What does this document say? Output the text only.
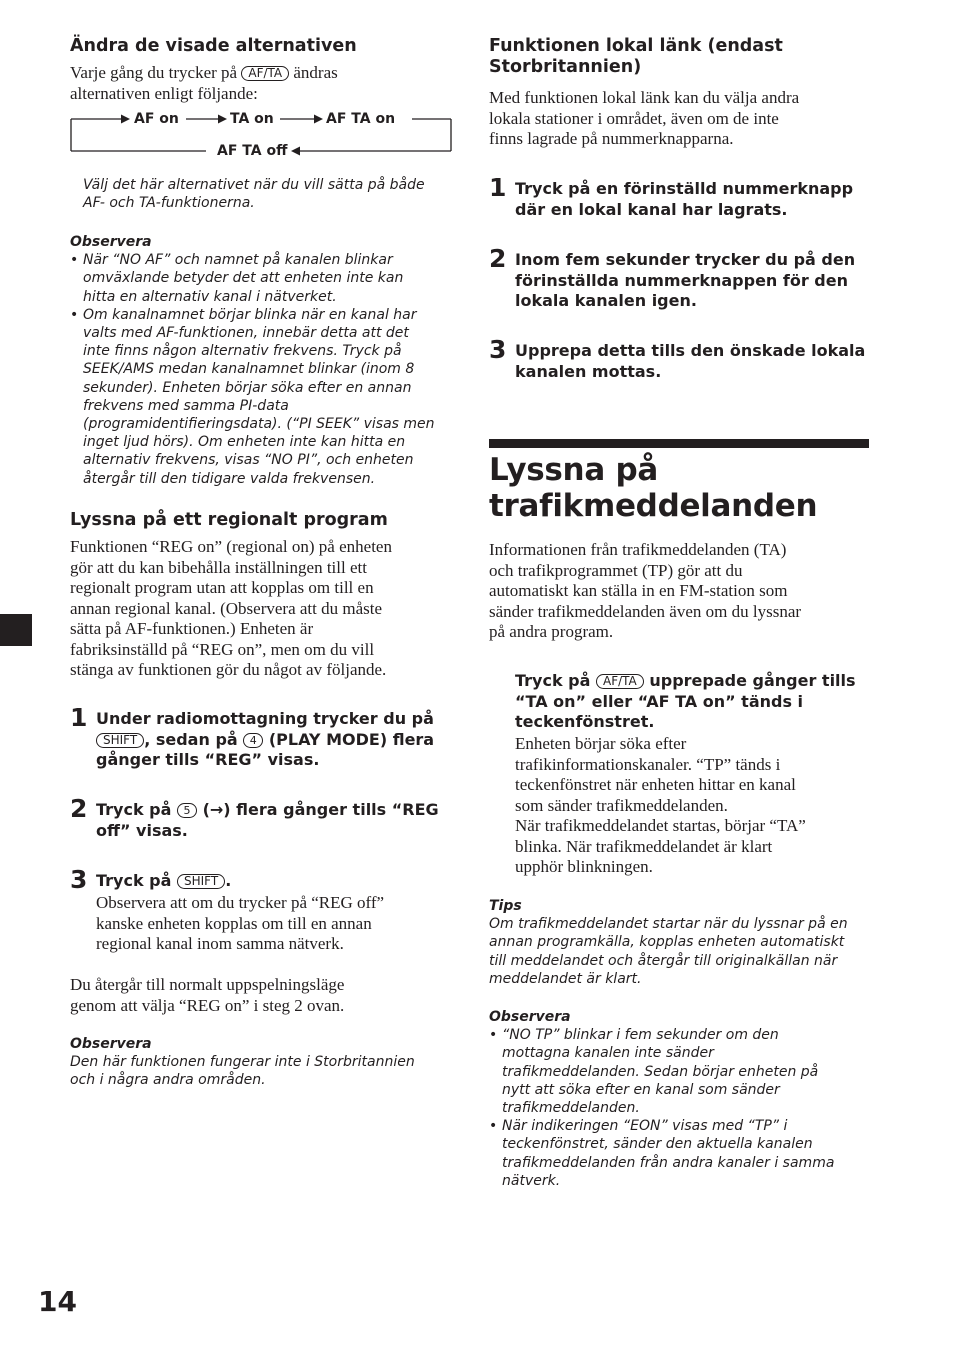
Ändra de visade alternativen
Varje gång du trycker på AF/TA ändras
alternativen enligt följande:
AF on	TA on	AF TA on
AF TA off
Välj det här alternativet när du vill sätta på både
AF- och TA-funktionerna.
Observera
• När “NO AF” och namnet på kanalen blinkar
omväxlande betyder det att enheten inte kan
hitta en alternativ kanal i nätverket.
• Om kanalnamnet börjar blinka när en kanal har
valts med AF-funktionen, innebär detta att det
inte finns någon alternativ frekvens. Tryck på
SEEK/AMS medan kanalnamnet blinkar (inom 8
sekunder). Enheten börjar söka efter en annan
frekvens med samma PI-data
(programidentifieringsdata). (“PI SEEK” visas men
inget ljud hörs). Om enheten inte kan hitta en
alternativ frekvens, visas “NO PI”, och enheten
återgår till den tidigare valda frekvensen.
Lyssna på ett regionalt program
Funktionen “REG on” (regional on) på enheten
gör att du kan bibehålla inställningen till ett
regionalt program utan att kopplas om till en
annan regional kanal. (Observera att du måste
sätta på AF-funktionen.) Enheten är
fabriksinställd på “REG on”, men om du vill
stänga av funktionen gör du något av följande.
1 Under radiomottagning trycker du på
SHIFT , sedan på 4 (PLAY MODE) flera
gånger tills “REG” visas.
2 Tryck på 5 (→) flera gånger tills “REG
off” visas.
3 Tryck på SHIFT .
Observera att om du trycker på “REG off”
kanske enheten kopplas om till en annan
regional kanal inom samma nätverk.
Du återgår till normalt uppspelningsläge
genom att välja “REG on” i steg 2 ovan.
Observera
Den här funktionen fungerar inte i Storbritannien
och i några andra områden.
Funktionen lokal länk (endast
Storbritannien)
Med funktionen lokal länk kan du välja andra
lokala stationer i området, även om de inte
finns lagrade på nummerknapparna.
1 Tryck på en förinställd nummerknapp
där en lokal kanal har lagrats.
2 Inom fem sekunder trycker du på den
förinställda nummerknappen för den
lokala kanalen igen.
3 Upprepa detta tills den önskade lokala
kanalen mottas.
Lyssna på
trafikmeddelanden
Informationen från trafikmeddelanden (TA)
och trafikprogrammet (TP) gör att du
automatiskt kan ställa in en FM-station som
sänder trafikmeddelanden även om du lyssnar
på andra program.
Tryck på AF/TA upprepade gånger tills
“TA on” eller “AF TA on” tänds i
teckenfönstret.
Enheten börjar söka efter
trafikinformationskanaler. “TP” tänds i
teckenfönstret när enheten hittar en kanal
som sänder trafikmeddelanden.
När trafikmeddelandet startas, börjar “TA”
blinka. När trafikmeddelandet är klart
upphör blinkningen.
Tips
Om trafikmeddelandet startar när du lyssnar på en
annan programkälla, kopplas enheten automatiskt
till meddelandet och återgår till originalkällan när
meddelandet är klart.
Observera
• “NO TP” blinkar i fem sekunder om den
mottagna kanalen inte sänder
trafikmeddelanden. Sedan börjar enheten på
nytt att söka efter en kanal som sänder
trafikmeddelanden.
• När indikeringen “EON” visas med “TP” i
teckenfönstret, sänder den aktuella kanalen
trafikmeddelanden från andra kanaler i samma
nätverk.
14
